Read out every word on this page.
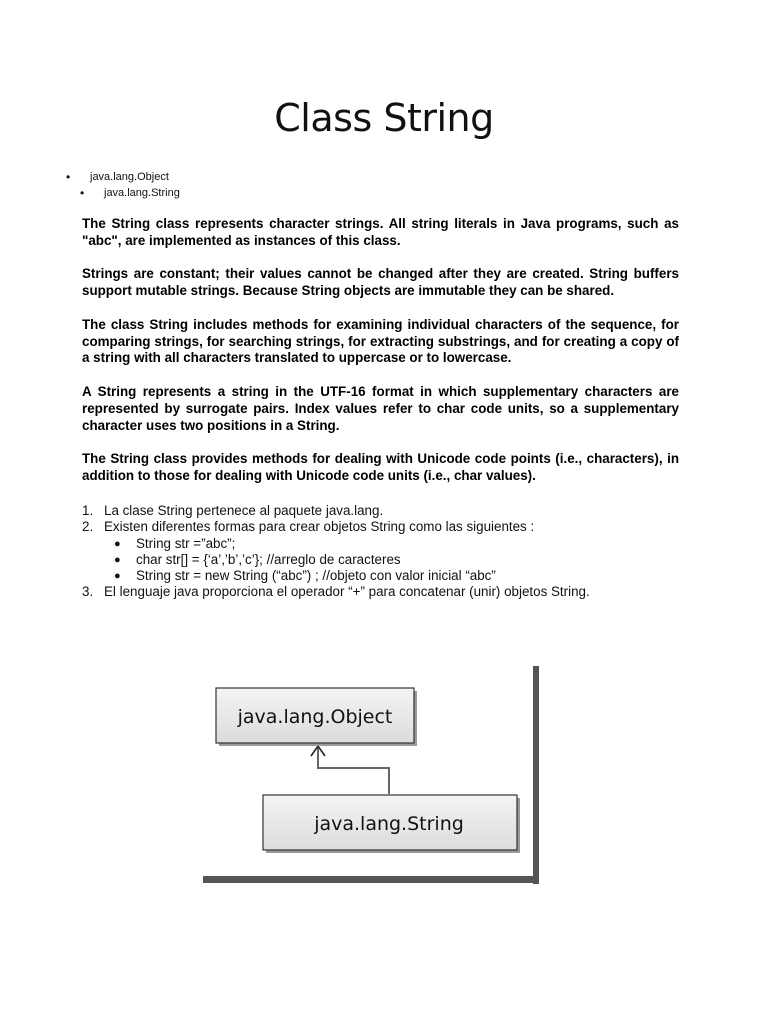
Class String
• java.lang.Object
• java.lang.String

The String class represents character strings. All string literals in Java programs, such as "abc", are implemented as instances of this class.

Strings are constant; their values cannot be changed after they are created. String buffers support mutable strings. Because String objects are immutable they can be shared.

The class String includes methods for examining individual characters of the sequence, for comparing strings, for searching strings, for extracting substrings, and for creating a copy of a string with all characters translated to uppercase or to lowercase.

A String represents a string in the UTF-16 format in which supplementary characters are represented by surrogate pairs. Index values refer to char code units, so a supplementary character uses two positions in a String.

The String class provides methods for dealing with Unicode code points (i.e., characters), in addition to those for dealing with Unicode code units (i.e., char values).

1. La clase String pertenece al paquete java.lang.
2. Existen diferentes formas para crear objetos String como las siguientes :
● String str =”abc”;
● char str[] = {‘a’,’b’,’c’}; //arreglo de caracteres
● String str = new String (“abc”) ; //objeto con valor inicial “abc”
3. El lenguaje java proporciona el operador “+” para concatenar (unir) objetos String.
java.lang.Object
java.lang.String
